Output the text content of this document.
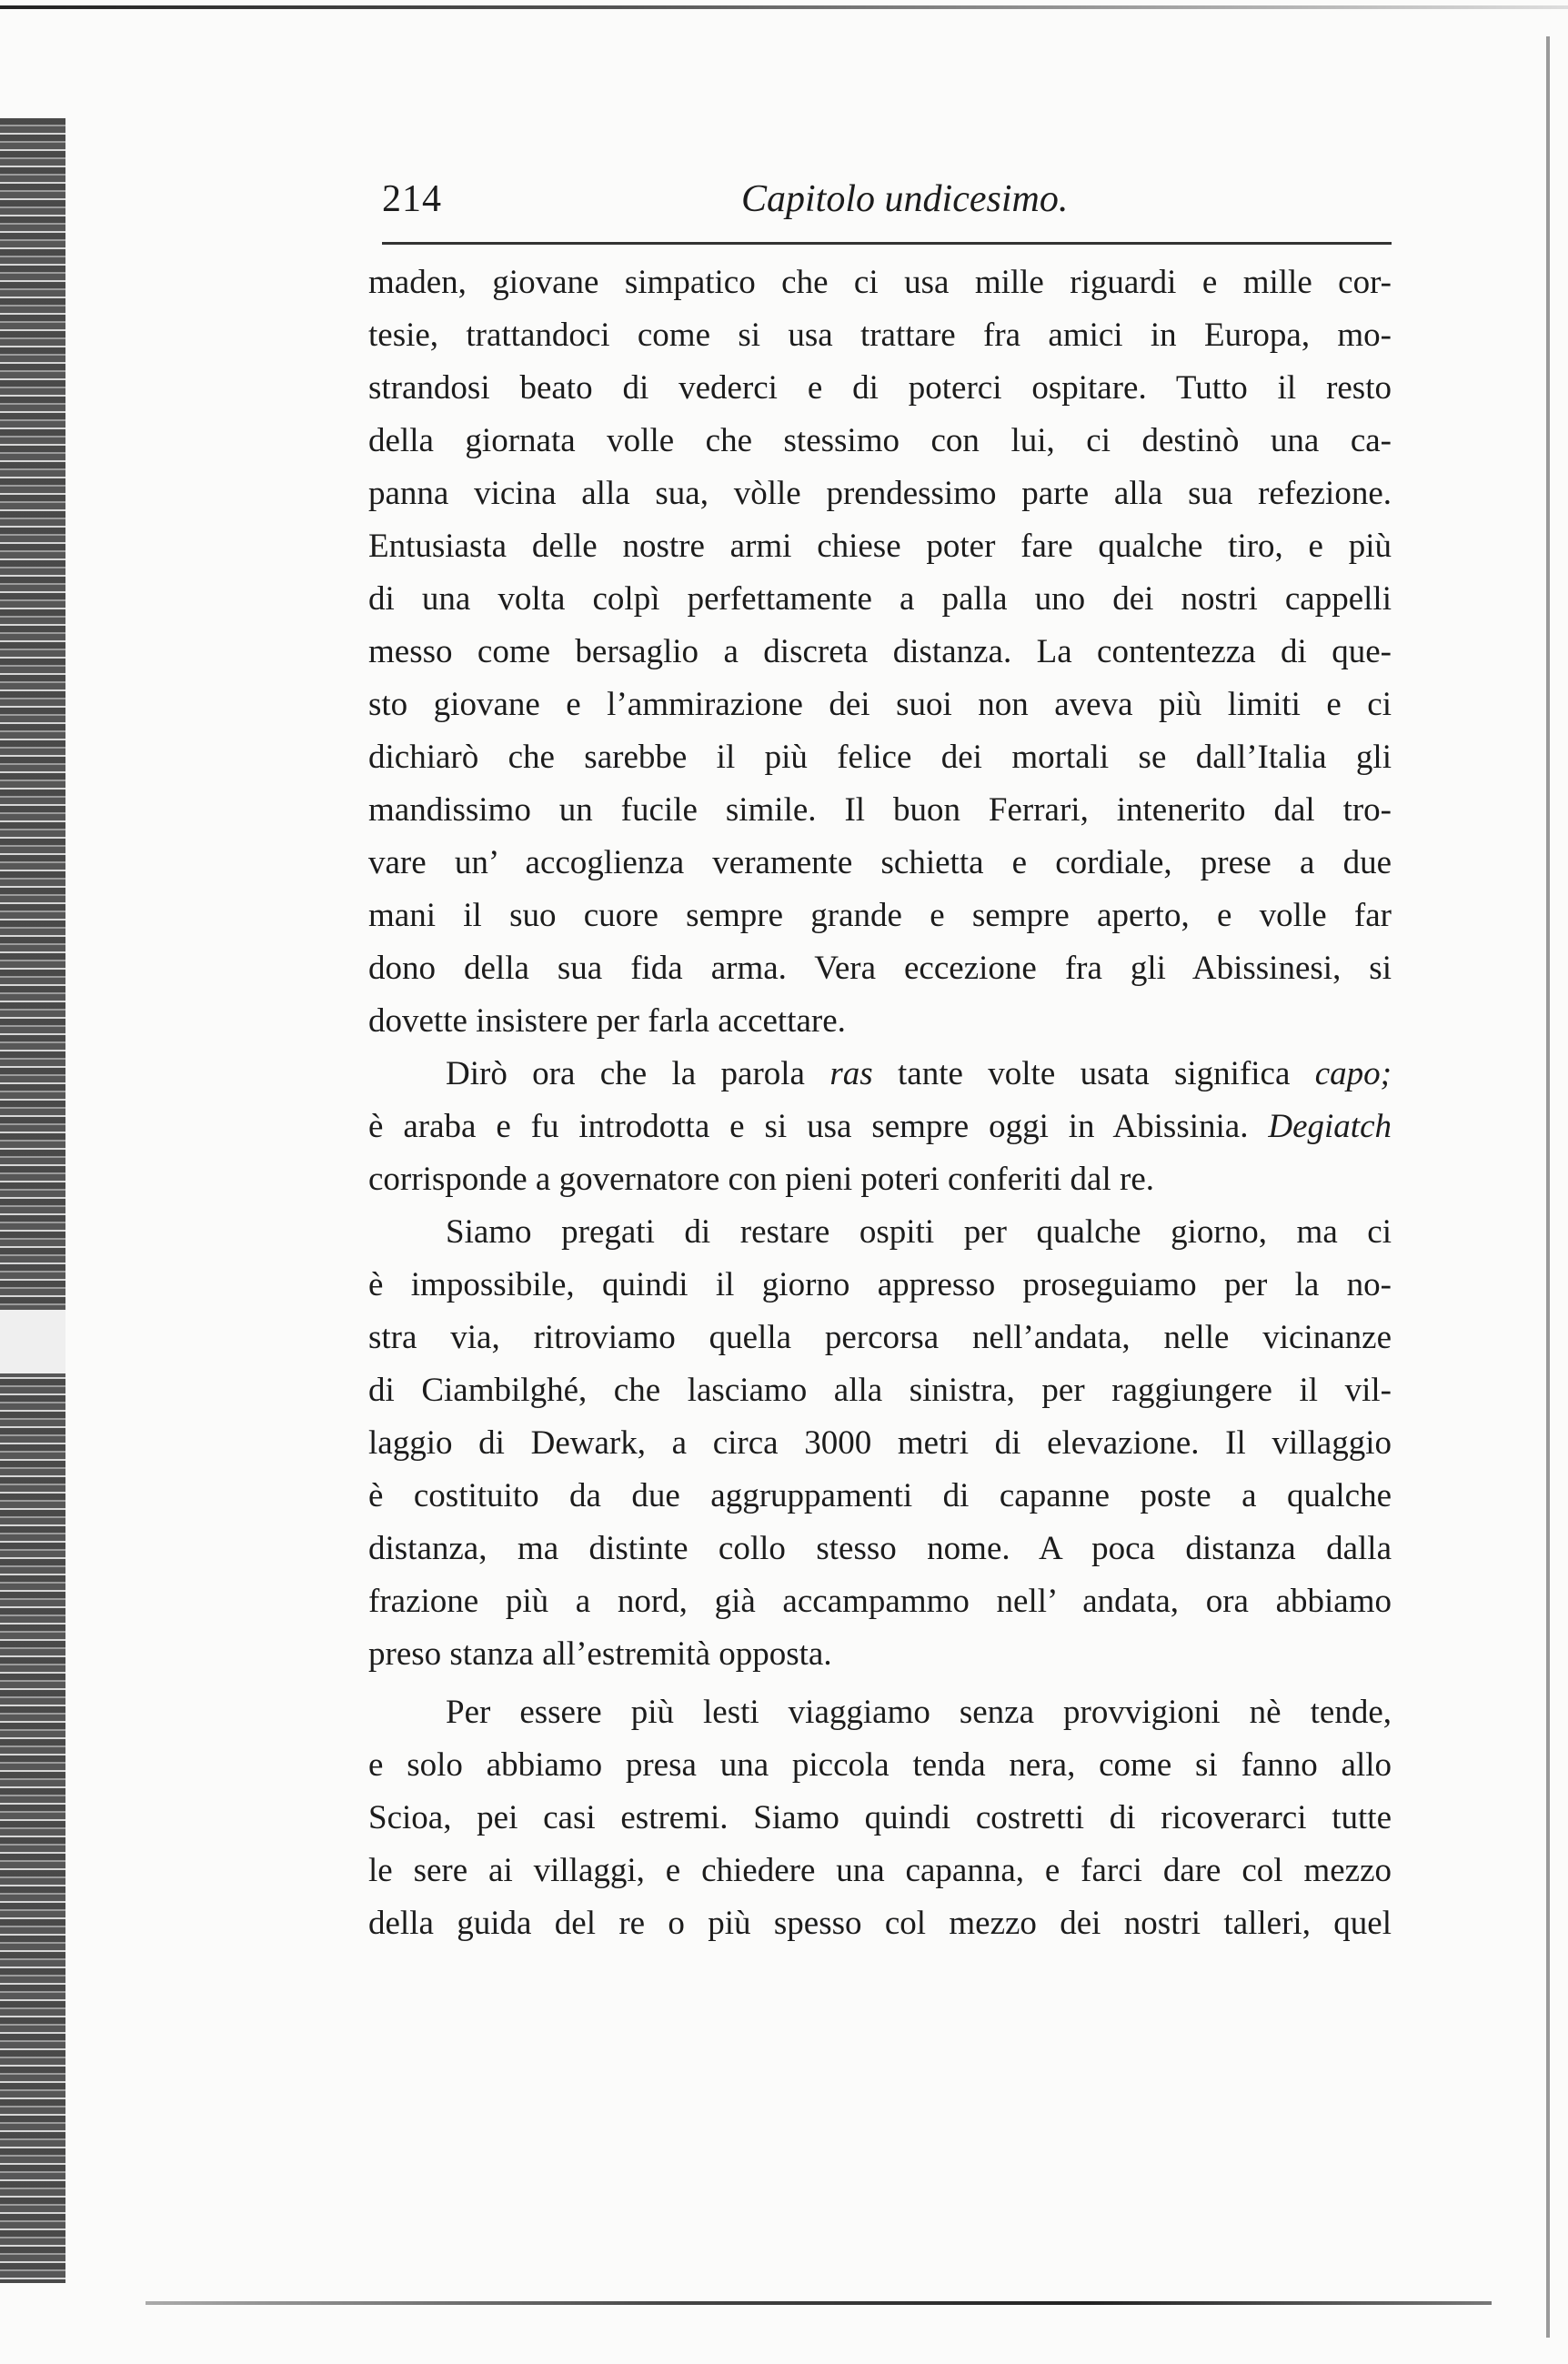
214	Capitolo undicesimo.
maden, giovane simpatico che ci usa mille riguardi e mille cor-
tesie, trattandoci come si usa trattare fra amici in Europa, mo-
strandosi beato di vederci e di poterci ospitare. Tutto il resto
della giornata volle che stessimo con lui, ci destinò una ca-
panna vicina alla sua, vòlle prendessimo parte alla sua refezione.
Entusiasta delle nostre armi chiese poter fare qualche tiro, e più
di una volta colpì perfettamente a palla uno dei nostri cappelli
messo come bersaglio a discreta distanza. La contentezza di que-
sto giovane e l’ammirazione dei suoi non aveva più limiti e ci
dichiarò che sarebbe il più felice dei mortali se dall’Italia gli
mandissimo un fucile simile. Il buon Ferrari, intenerito dal tro-
vare un’ accoglienza veramente schietta e cordiale, prese a due
mani il suo cuore sempre grande e sempre aperto, e volle far
dono della sua fida arma. Vera eccezione fra gli Abissinesi, si
dovette insistere per farla accettare.
Dirò ora che la parola ras tante volte usata significa capo;
è araba e fu introdotta e si usa sempre oggi in Abissinia. Degiatch
corrisponde a governatore con pieni poteri conferiti dal re.
Siamo pregati di restare ospiti per qualche giorno, ma ci
è impossibile, quindi il giorno appresso proseguiamo per la no-
stra via, ritroviamo quella percorsa nell’andata, nelle vicinanze
di Ciambilghé, che lasciamo alla sinistra, per raggiungere il vil-
laggio di Dewark, a circa 3000 metri di elevazione. Il villaggio
è costituito da due aggruppamenti di capanne poste a qualche
distanza, ma distinte collo stesso nome. A poca distanza dalla
frazione più a nord, già accampammo nell’ andata, ora abbiamo
preso stanza all’estremità opposta.
Per essere più lesti viaggiamo senza provvigioni nè tende,
e solo abbiamo presa una piccola tenda nera, come si fanno allo
Scioa, pei casi estremi. Siamo quindi costretti di ricoverarci tutte
le sere ai villaggi, e chiedere una capanna, e farci dare col mezzo
della guida del re o più spesso col mezzo dei nostri talleri, quel
